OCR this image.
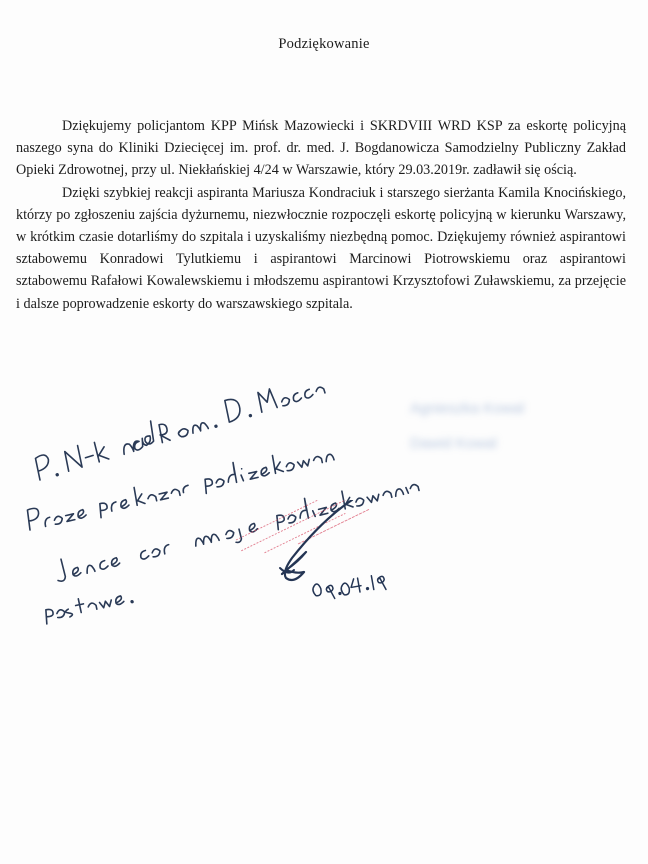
Podziękowanie

Dziękujemy policjantom KPP Mińsk Mazowiecki i SKRDVIII WRD KSP za eskortę policyjną naszego syna do Kliniki Dziecięcej im. prof. dr. med. J. Bogdanowicza Samodzielny Publiczny Zakład Opieki Zdrowotnej, przy ul. Niekłańskiej 4/24 w Warszawie, który 29.03.2019r. zadławił się ością.

Dzięki szybkiej reakcji aspiranta Mariusza Kondraciuk i starszego sierżanta Kamila Knocińskiego, którzy po zgłoszeniu zajścia dyżurnemu, niezwłocznie rozpoczęli eskortę policyjną w kierunku Warszawy, w krótkim czasie dotarliśmy do szpitala i uzyskaliśmy niezbędną pomoc. Dziękujemy również aspirantowi sztabowemu Konradowi Tylutkiemu i aspirantowi Marcinowi Piotrowskiemu oraz aspirantowi sztabowemu Rafałowi Kowalewskiemu i młodszemu aspirantowi Krzysztofowi Zuławskiemu, za przejęcie i dalsze poprowadzenie eskorty do warszawskiego szpitala.

Agnieszka Kowal
Dawid Kowal
